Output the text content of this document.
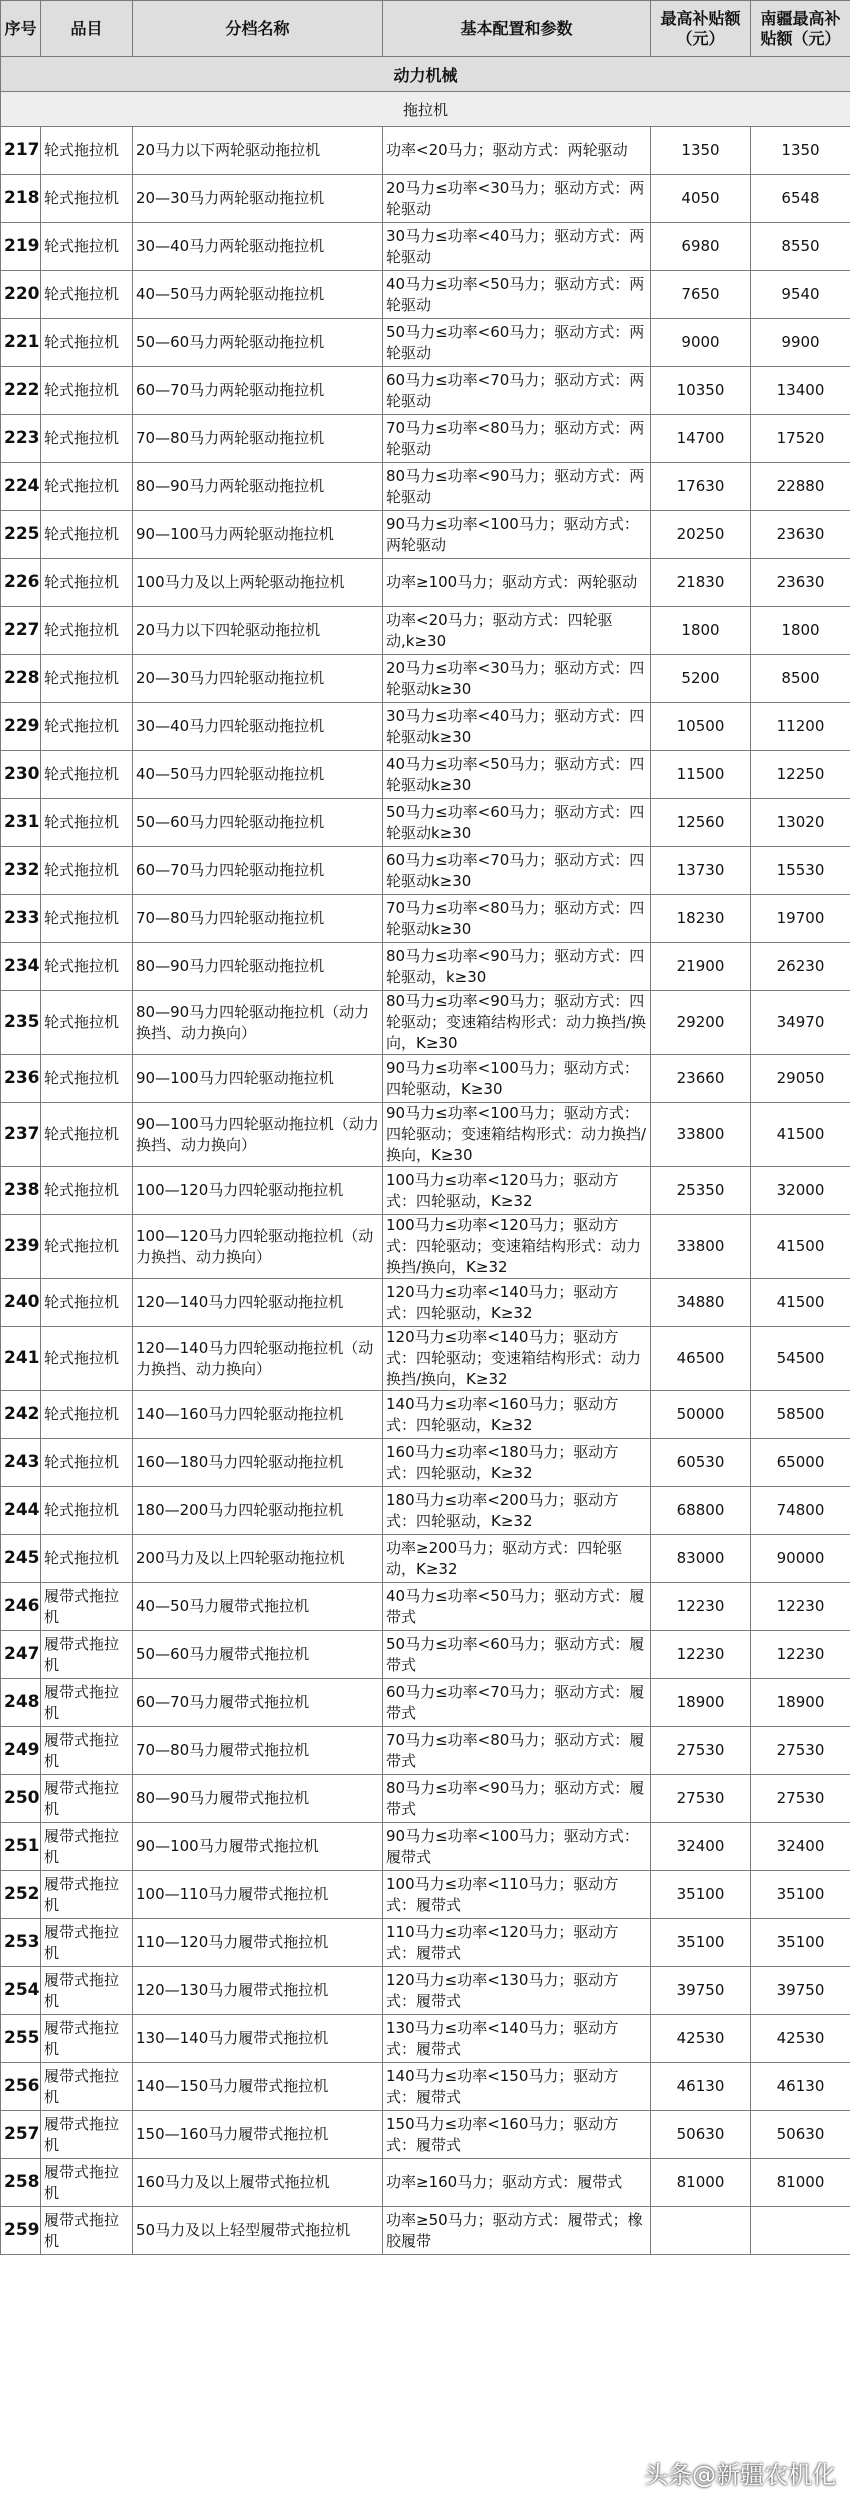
序号	品目	分档名称	基本配置和参数	最高补贴额（元）	南疆最高补贴额（元）
动力机械					
拖拉机					
217	轮式拖拉机	20马力以下两轮驱动拖拉机	功率<20马力；驱动方式：两轮驱动	1350	1350
218	轮式拖拉机	20—30马力两轮驱动拖拉机	20马力≤功率<30马力；驱动方式：两轮驱动	4050	6548
219	轮式拖拉机	30—40马力两轮驱动拖拉机	30马力≤功率<40马力；驱动方式：两轮驱动	6980	8550
220	轮式拖拉机	40—50马力两轮驱动拖拉机	40马力≤功率<50马力；驱动方式：两轮驱动	7650	9540
221	轮式拖拉机	50—60马力两轮驱动拖拉机	50马力≤功率<60马力；驱动方式：两轮驱动	9000	9900
222	轮式拖拉机	60—70马力两轮驱动拖拉机	60马力≤功率<70马力；驱动方式：两轮驱动	10350	13400
223	轮式拖拉机	70—80马力两轮驱动拖拉机	70马力≤功率<80马力；驱动方式：两轮驱动	14700	17520
224	轮式拖拉机	80—90马力两轮驱动拖拉机	80马力≤功率<90马力；驱动方式：两轮驱动	17630	22880
225	轮式拖拉机	90—100马力两轮驱动拖拉机	90马力≤功率<100马力；驱动方式：两轮驱动	20250	23630
226	轮式拖拉机	100马力及以上两轮驱动拖拉机	功率≥100马力；驱动方式：两轮驱动	21830	23630
227	轮式拖拉机	20马力以下四轮驱动拖拉机	功率<20马力；驱动方式：四轮驱动,k≥30	1800	1800
228	轮式拖拉机	20—30马力四轮驱动拖拉机	20马力≤功率<30马力；驱动方式：四轮驱动k≥30	5200	8500
229	轮式拖拉机	30—40马力四轮驱动拖拉机	30马力≤功率<40马力；驱动方式：四轮驱动k≥30	10500	11200
230	轮式拖拉机	40—50马力四轮驱动拖拉机	40马力≤功率<50马力；驱动方式：四轮驱动k≥30	11500	12250
231	轮式拖拉机	50—60马力四轮驱动拖拉机	50马力≤功率<60马力；驱动方式：四轮驱动k≥30	12560	13020
232	轮式拖拉机	60—70马力四轮驱动拖拉机	60马力≤功率<70马力；驱动方式：四轮驱动k≥30	13730	15530
233	轮式拖拉机	70—80马力四轮驱动拖拉机	70马力≤功率<80马力；驱动方式：四轮驱动k≥30	18230	19700
234	轮式拖拉机	80—90马力四轮驱动拖拉机	80马力≤功率<90马力；驱动方式：四轮驱动，k≥30	21900	26230
235	轮式拖拉机	80—90马力四轮驱动拖拉机（动力换挡、动力换向）	80马力≤功率<90马力；驱动方式：四轮驱动；变速箱结构形式：动力换挡/换向，K≥30	29200	34970
236	轮式拖拉机	90—100马力四轮驱动拖拉机	90马力≤功率<100马力；驱动方式：四轮驱动，K≥30	23660	29050
237	轮式拖拉机	90—100马力四轮驱动拖拉机（动力换挡、动力换向）	90马力≤功率<100马力；驱动方式：四轮驱动；变速箱结构形式：动力换挡/换向，K≥30	33800	41500
238	轮式拖拉机	100—120马力四轮驱动拖拉机	100马力≤功率<120马力；驱动方式：四轮驱动，K≥32	25350	32000
239	轮式拖拉机	100—120马力四轮驱动拖拉机（动力换挡、动力换向）	100马力≤功率<120马力；驱动方式：四轮驱动；变速箱结构形式：动力换挡/换向，K≥32	33800	41500
240	轮式拖拉机	120—140马力四轮驱动拖拉机	120马力≤功率<140马力；驱动方式：四轮驱动，K≥32	34880	41500
241	轮式拖拉机	120—140马力四轮驱动拖拉机（动力换挡、动力换向）	120马力≤功率<140马力；驱动方式：四轮驱动；变速箱结构形式：动力换挡/换向，K≥32	46500	54500
242	轮式拖拉机	140—160马力四轮驱动拖拉机	140马力≤功率<160马力；驱动方式：四轮驱动，K≥32	50000	58500
243	轮式拖拉机	160—180马力四轮驱动拖拉机	160马力≤功率<180马力；驱动方式：四轮驱动，K≥32	60530	65000
244	轮式拖拉机	180—200马力四轮驱动拖拉机	180马力≤功率<200马力；驱动方式：四轮驱动，K≥32	68800	74800
245	轮式拖拉机	200马力及以上四轮驱动拖拉机	功率≥200马力；驱动方式：四轮驱动，K≥32	83000	90000
246	履带式拖拉机	40—50马力履带式拖拉机	40马力≤功率<50马力；驱动方式：履带式	12230	12230
247	履带式拖拉机	50—60马力履带式拖拉机	50马力≤功率<60马力；驱动方式：履带式	12230	12230
248	履带式拖拉机	60—70马力履带式拖拉机	60马力≤功率<70马力；驱动方式：履带式	18900	18900
249	履带式拖拉机	70—80马力履带式拖拉机	70马力≤功率<80马力；驱动方式：履带式	27530	27530
250	履带式拖拉机	80—90马力履带式拖拉机	80马力≤功率<90马力；驱动方式：履带式	27530	27530
251	履带式拖拉机	90—100马力履带式拖拉机	90马力≤功率<100马力；驱动方式：履带式	32400	32400
252	履带式拖拉机	100—110马力履带式拖拉机	100马力≤功率<110马力；驱动方式：履带式	35100	35100
253	履带式拖拉机	110—120马力履带式拖拉机	110马力≤功率<120马力；驱动方式：履带式	35100	35100
254	履带式拖拉机	120—130马力履带式拖拉机	120马力≤功率<130马力；驱动方式：履带式	39750	39750
255	履带式拖拉机	130—140马力履带式拖拉机	130马力≤功率<140马力；驱动方式：履带式	42530	42530
256	履带式拖拉机	140—150马力履带式拖拉机	140马力≤功率<150马力；驱动方式：履带式	46130	46130
257	履带式拖拉机	150—160马力履带式拖拉机	150马力≤功率<160马力；驱动方式：履带式	50630	50630
258	履带式拖拉机	160马力及以上履带式拖拉机	功率≥160马力；驱动方式：履带式	81000	81000
259	履带式拖拉机	50马力及以上轻型履带式拖拉机	功率≥50马力；驱动方式：履带式；橡胶履带		
头条@新疆农机化
